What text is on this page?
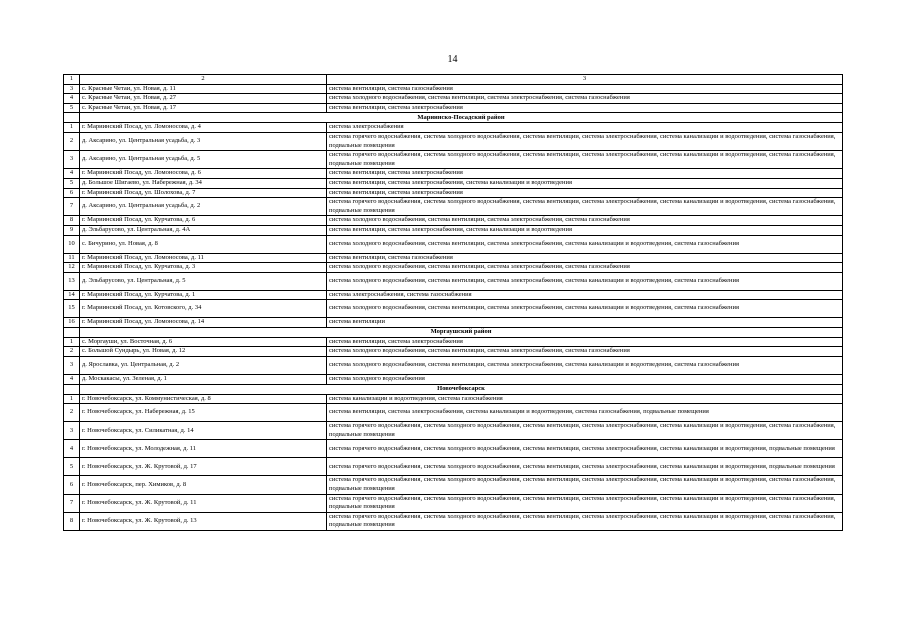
14
1	2	3
3	с. Красные Четаи, ул. Новая, д. 11	система вентиляции, система газоснабжения
4	с. Красные Четаи, ул. Новая, д. 27	система холодного водоснабжения, система вентиляции, система электроснабжения, система газоснабжения
5	с. Красные Четаи, ул. Новая, д. 17	система вентиляции, система электроснабжения
	Мариинско-Посадский район	
1	г. Мариинский Посад, ул. Ломоносова, д. 4	система электроснабжения
2	д. Аксарино, ул. Центральная усадьба, д. 3	система горячего водоснабжения, система холодного водоснабжения, система вентиляции, система электроснабжения, система канализации и водоотведения, система газоснабжения, подвальные помещения
3	д. Аксарино, ул. Центральная усадьба, д. 5	система горячего водоснабжения, система холодного водоснабжения, система вентиляции, система электроснабжения, система канализации и водоотведения, система газоснабжения, подвальные помещения
4	г. Мариинский Посад, ул. Ломоносова, д. 6	система вентиляции, система электроснабжения
5	д. Большое Шигаево, ул. Набережная, д. 34	система вентиляции, система электроснабжения, система канализации и водоотведения
6	г. Мариинский Посад, ул. Шолохова, д. 7	система вентиляции, система электроснабжения
7	д. Аксарино, ул. Центральная усадьба, д. 2	система горячего водоснабжения, система холодного водоснабжения, система вентиляции, система электроснабжения, система канализации и водоотведения, система газоснабжения, подвальные помещения
8	г. Мариинский Посад, ул. Курчатова, д. 6	система холодного водоснабжения, система вентиляции, система электроснабжения, система газоснабжения
9	д. Эльбарусово, ул. Центральная, д. 4А	система вентиляции, система электроснабжения, система канализации и водоотведения
10	с. Бичурино, ул. Новая, д. 8	система холодного водоснабжения, система вентиляции, система электроснабжения, система канализации и водоотведения, система газоснабжения
11	г. Мариинский Посад, ул. Ломоносова, д. 11	система вентиляции, система газоснабжения
12	г. Мариинский Посад, ул. Курчатова, д. 3	система холодного водоснабжения, система вентиляции, система электроснабжения, система газоснабжения
13	д. Эльбарусово, ул. Центральная, д. 5	система холодного водоснабжения, система вентиляции, система электроснабжения, система канализации и водоотведения, система газоснабжения
14	г. Мариинский Посад, ул. Курчатова, д. 1	система электроснабжения, система газоснабжения
15	г. Мариинский Посад, ул. Котовского, д. 34	система холодного водоснабжения, система вентиляции, система электроснабжения, система канализации и водоотведения, система газоснабжения
16	г. Мариинский Посад, ул. Ломоносова, д. 14	система вентиляции
	Моргаушский район	
1	с. Моргауши, ул. Восточная, д. 6	система вентиляции, система электроснабжения
2	с. Большой Сундырь, ул. Новая, д. 12	система холодного водоснабжения, система вентиляции, система электроснабжения, система газоснабжения
3	д. Ярославка, ул. Центральная, д. 2	система холодного водоснабжения, система вентиляции, система электроснабжения, система канализации и водоотведения, система газоснабжения
4	д. Москакасы, ул. Зеленая, д. 1	система холодного водоснабжения
	Новочебоксарск	
1	г. Новочебоксарск, ул. Коммунистическая, д. 8	система канализации и водоотведения, система газоснабжения
2	г. Новочебоксарск, ул. Набережная, д. 15	система вентиляции, система электроснабжения, система канализации и водоотведения, система газоснабжения, подвальные помещения
3	г. Новочебоксарск, ул. Силикатная, д. 14	система горячего водоснабжения, система холодного водоснабжения, система вентиляции, система электроснабжения, система канализации и водоотведения, система газоснабжения, подвальные помещения
4	г. Новочебоксарск, ул. Молодежная, д. 11	система горячего водоснабжения, система холодного водоснабжения, система вентиляции, система электроснабжения, система канализации и водоотведения, подвальные помещения
5	г. Новочебоксарск, ул. Ж. Крутовой, д. 17	система горячего водоснабжения, система холодного водоснабжения, система вентиляции, система электроснабжения, система канализации и водоотведения, подвальные помещения
6	г. Новочебоксарск, пер. Химиков, д. 8	система горячего водоснабжения, система холодного водоснабжения, система вентиляции, система электроснабжения, система канализации и водоотведения, система газоснабжения, подвальные помещения
7	г. Новочебоксарск, ул. Ж. Крутовой, д. 11	система горячего водоснабжения, система холодного водоснабжения, система вентиляции, система электроснабжения, система канализации и водоотведения, система газоснабжения, подвальные помещения
8	г. Новочебоксарск, ул. Ж. Крутовой, д. 13	система горячего водоснабжения, система холодного водоснабжения, система вентиляции, система электроснабжения, система канализации и водоотведения, система газоснабжения, подвальные помещения
